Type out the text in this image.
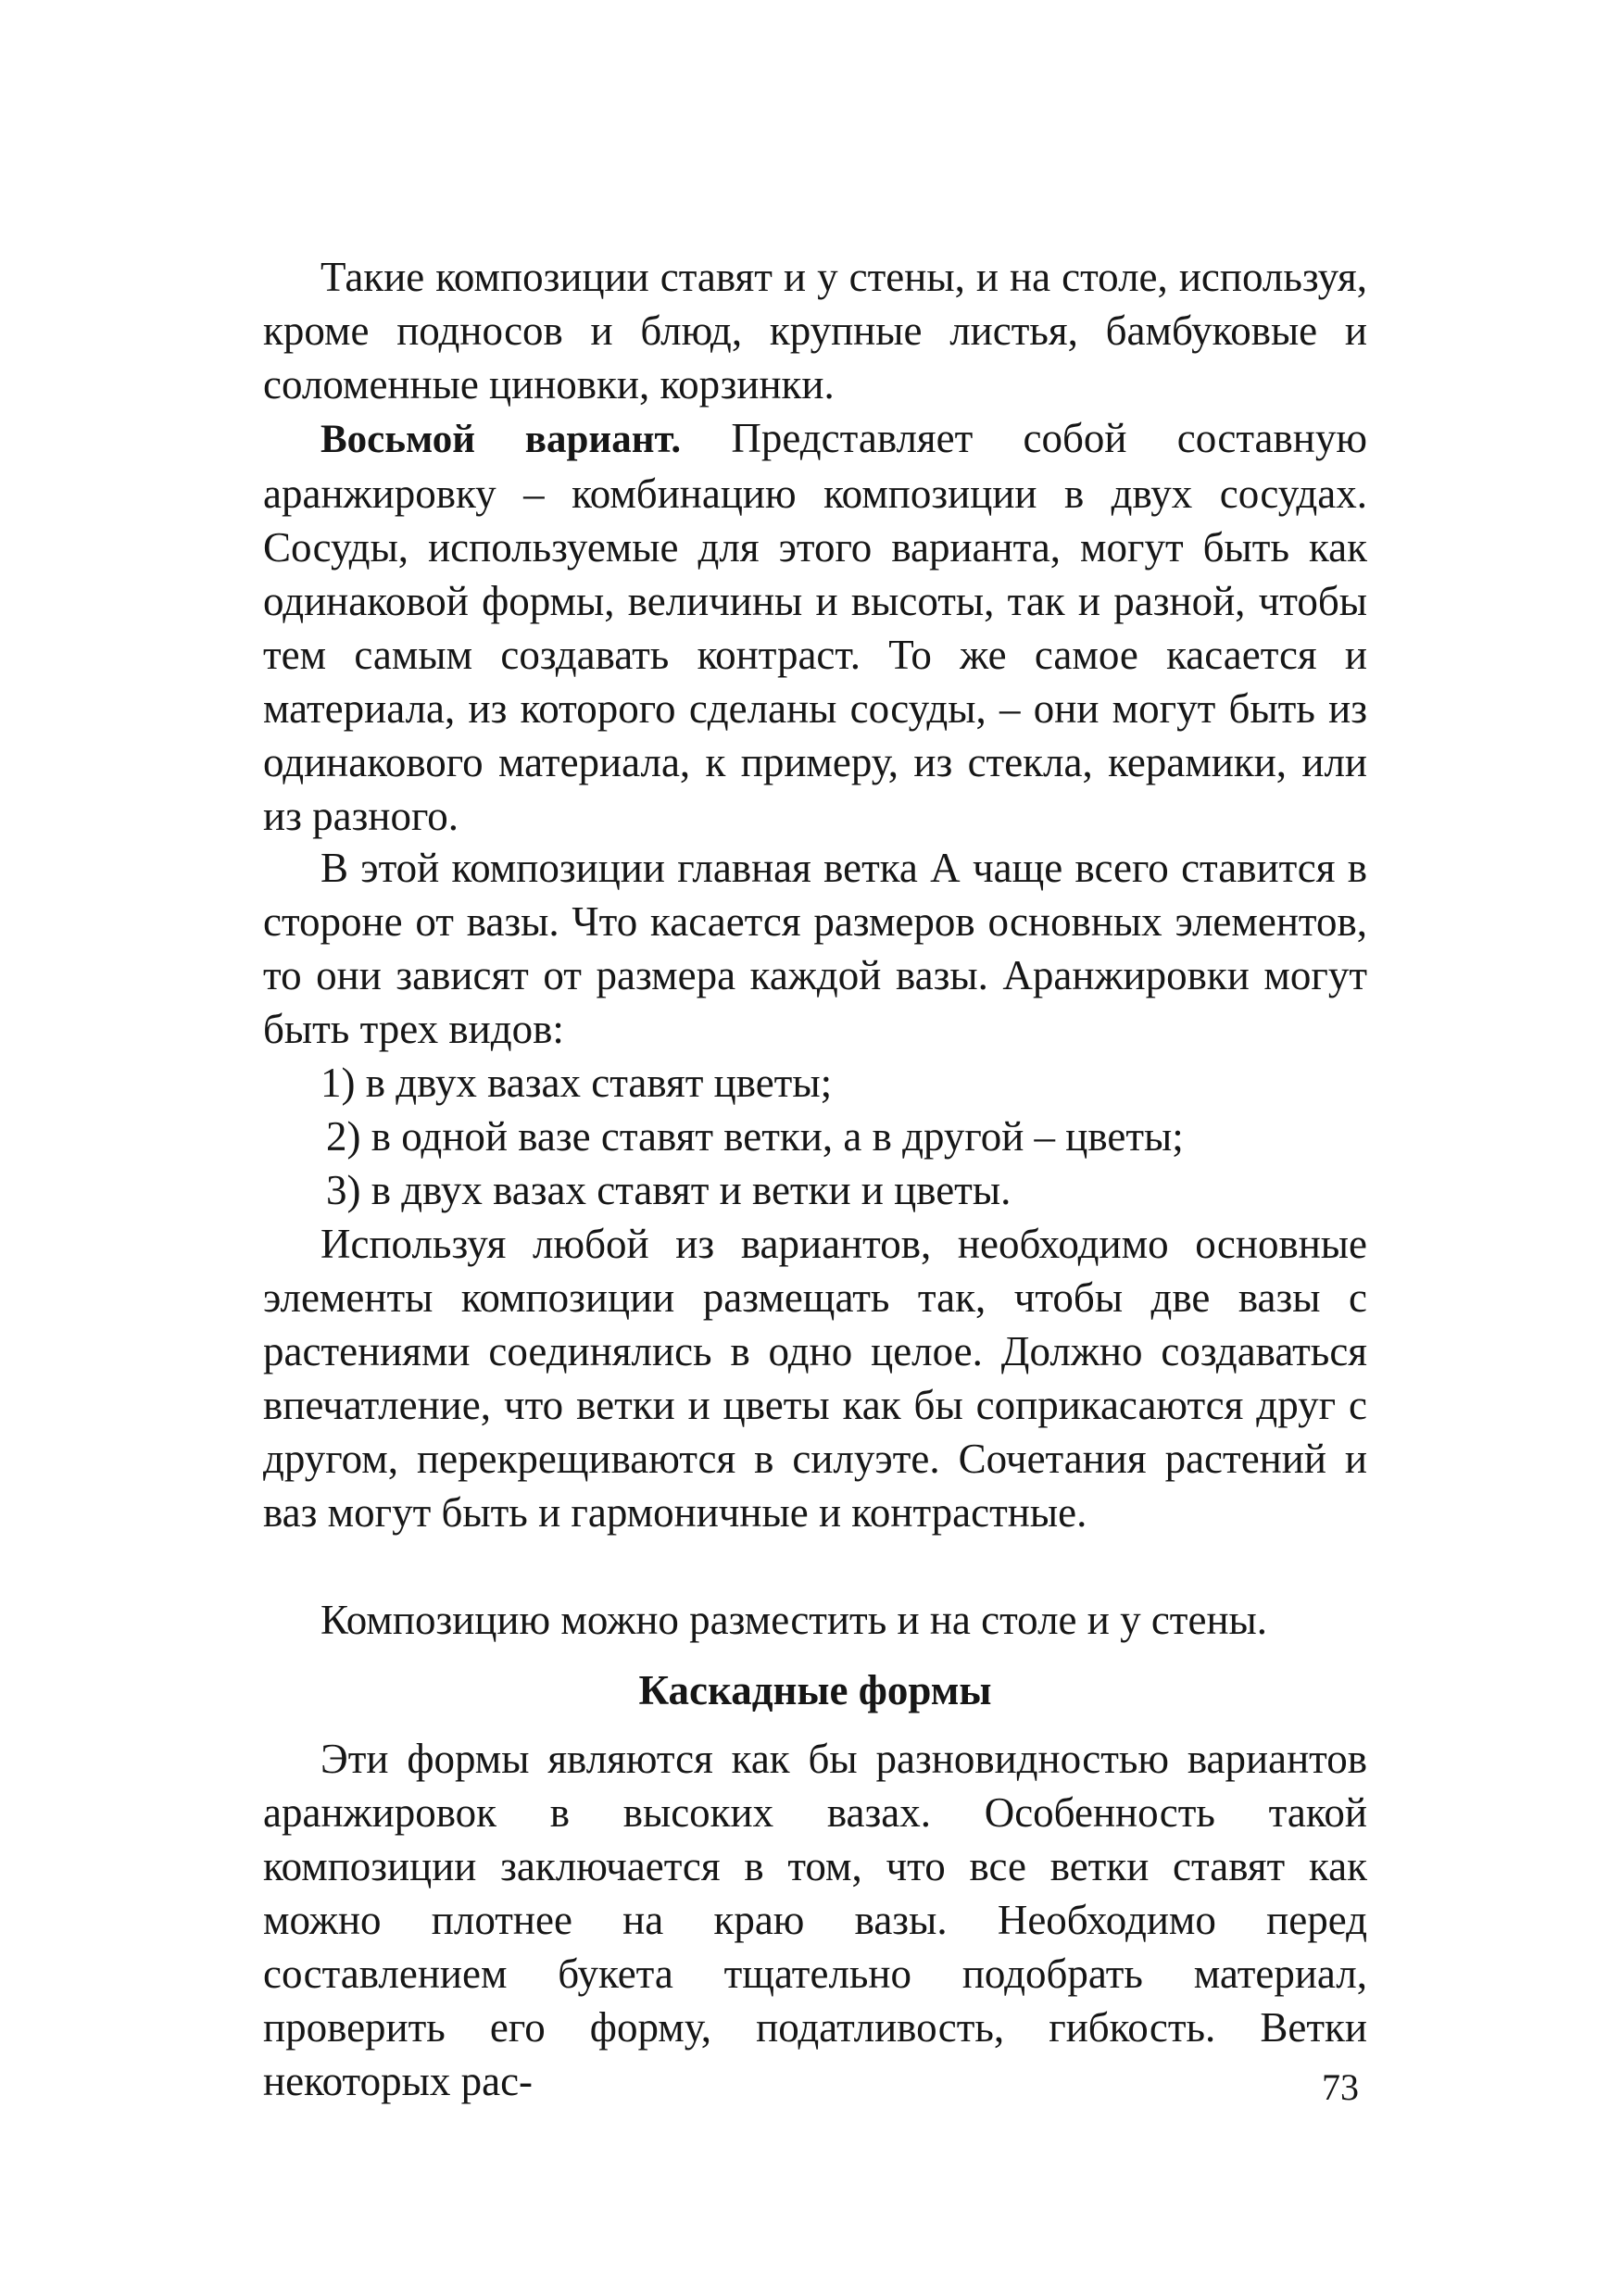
Такие композиции ставят и у стены, и на столе, используя, кроме подносов и блюд, крупные листья, бамбуковые и соломенные циновки, корзинки.

Восьмой вариант. Представляет собой составную аранжировку – комбинацию композиции в двух сосудах. Сосуды, используемые для этого варианта, могут быть как одинаковой формы, величины и высоты, так и разной, чтобы тем самым создавать контраст. То же самое касается и материала, из которого сделаны сосуды, – они могут быть из одинакового материала, к примеру, из стекла, керамики, или из разного.

В этой композиции главная ветка А чаще всего ставится в стороне от вазы. Что касается размеров основных элементов, то они зависят от размера каждой вазы. Аранжировки могут быть трех видов:

1) в двух вазах ставят цветы;

2) в одной вазе ставят ветки, а в другой – цветы;

3) в двух вазах ставят и ветки и цветы.

Используя любой из вариантов, необходимо основные элементы композиции размещать так, чтобы две вазы с растениями соединялись в одно целое. Должно создаваться впечатление, что ветки и цветы как бы соприкасаются друг с другом, перекрещиваются в силуэте. Сочетания растений и ваз могут быть и гармоничные и контрастные.

Композицию можно разместить и на столе и у стены.

Каскадные формы

Эти формы являются как бы разновидностью вариантов аранжировок в высоких вазах. Особенность такой композиции заключается в том, что все ветки ставят как можно плотнее на краю вазы. Необходимо перед составлением букета тщательно подобрать материал, проверить его форму, податливость, гибкость. Ветки некоторых рас-	73
